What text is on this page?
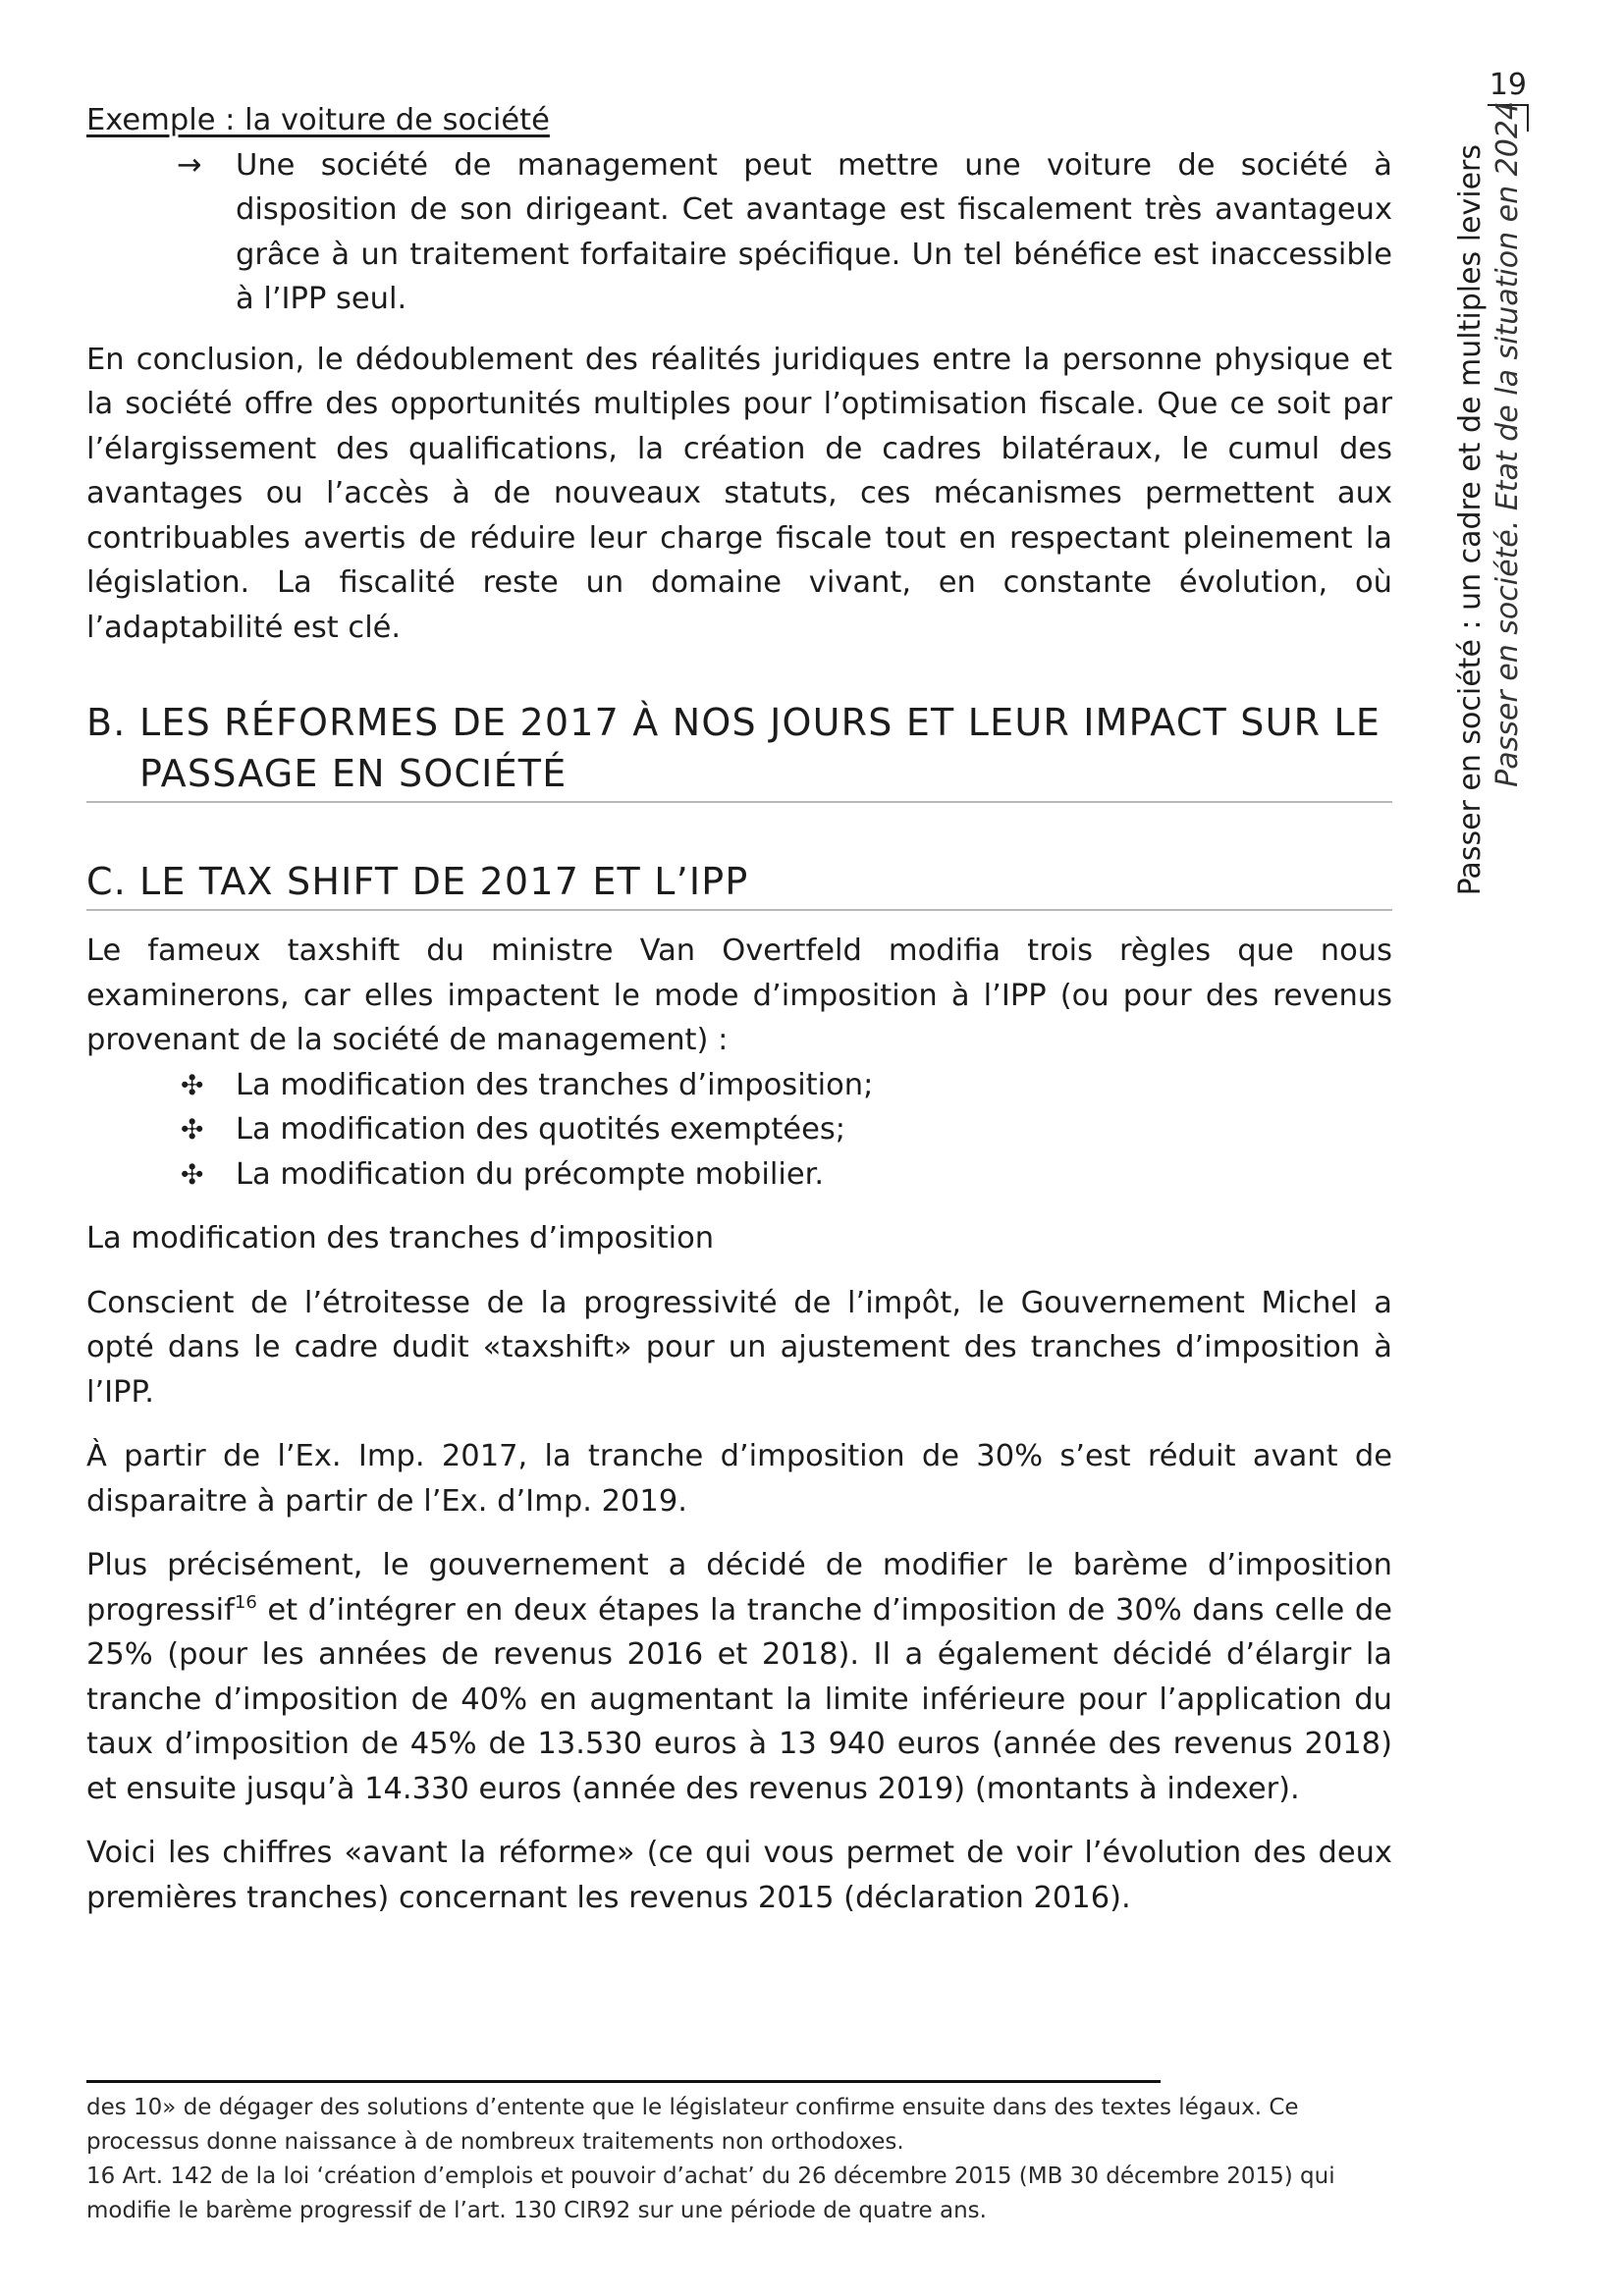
Exemple : la voiture de société

→ Une société de management peut mettre une voiture de société à disposition de son dirigeant. Cet avantage est fiscalement très avantageux grâce à un traitement forfaitaire spécifique. Un tel bénéfice est inaccessible à l’IPP seul.

En conclusion, le dédoublement des réalités juridiques entre la personne physique et la société offre des opportunités multiples pour l’optimisation fiscale. Que ce soit par l’élargissement des qualifications, la création de cadres bilatéraux, le cumul des avantages ou l’accès à de nouveaux statuts, ces mécanismes permettent aux contribuables avertis de réduire leur charge fiscale tout en respectant pleinement la législation. La fiscalité reste un domaine vivant, en constante évolution, où l’adaptabilité est clé.

B. LES RÉFORMES DE 2017 À NOS JOURS ET LEUR IMPACT SUR LE PASSAGE EN SOCIÉTÉ
C. LE TAX SHIFT DE 2017 ET L’IPP

Le fameux taxshift du ministre Van Overtfeld modifia trois règles que nous examinerons, car elles impactent le mode d’imposition à l’IPP (ou pour des revenus provenant de la société de management) :

✣ La modification des tranches d’imposition;
✣ La modification des quotités exemptées;
✣ La modification du précompte mobilier.

La modification des tranches d’imposition

Conscient de l’étroitesse de la progressivité de l’impôt, le Gouvernement Michel a opté dans le cadre dudit «taxshift» pour un ajustement des tranches d’imposition à l’IPP.

À partir de l’Ex. Imp. 2017, la tranche d’imposition de 30% s’est réduit avant de disparaitre à partir de l’Ex. d’Imp. 2019.

Plus précisément, le gouvernement a décidé de modifier le barème d’imposition progressif$^{16}$ et d’intégrer en deux étapes la tranche d’imposition de 30% dans celle de 25% (pour les années de revenus 2016 et 2018). Il a également décidé d’élargir la tranche d’imposition de 40% en augmentant la limite inférieure pour l’application du taux d’imposition de 45% de 13.530 euros à 13 940 euros (année des revenus 2018) et ensuite jusqu’à 14.330 euros (année des revenus 2019) (montants à indexer).

Voici les chiffres «avant la réforme» (ce qui vous permet de voir l’évolution des deux premières tranches) concernant les revenus 2015 (déclaration 2016).

des 10» de dégager des solutions d’entente que le législateur confirme ensuite dans des textes légaux. Ce processus donne naissance à de nombreux traitements non orthodoxes.

16 Art. 142 de la loi ‘création d’emplois et pouvoir d’achat’ du 26 décembre 2015 (MB 30 décembre 2015) qui modifie le barème progressif de l’art. 130 CIR92 sur une période de quatre ans.

19
Passer en société : un cadre et de multiples leviers Passer en société. Etat de la situation en 2024
